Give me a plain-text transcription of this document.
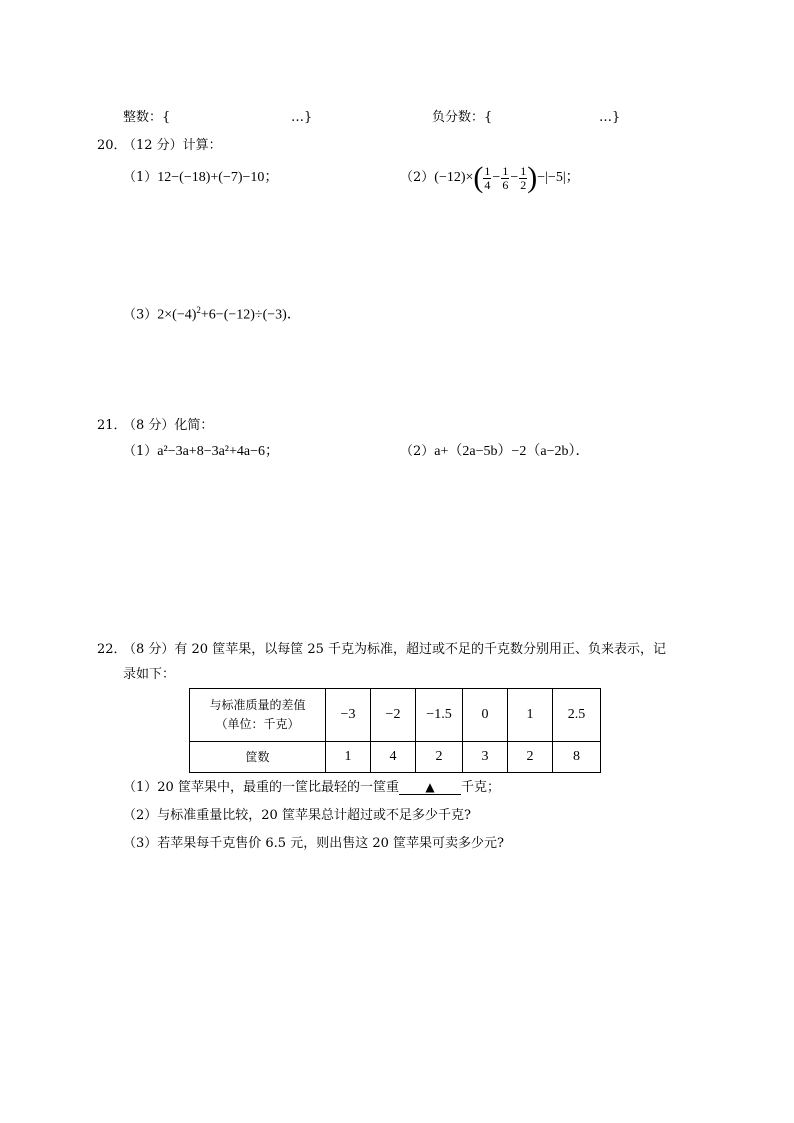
整数：{	…}	负分数：{	…}
20．
（12 分）计算：
（1）12−(−18)+(−7)−10；	（2） (−12)× ( 1
4 − 1
6 − 1
2 ) −|−5|；
$(3)2\times(-4)^2+6-(-12)\div(-3)$．
21．
（8 分）化简：
（1）a²−3a+8−3a²+4a−6；	（2）a+（2a−5b）−2（a−2b）．
22．
（8 分）有 20 筐苹果，以每筐 25 千克为标准，超过或不足的千克数分别用正、负来表示，记
录如下：
与标准质量的差值
（单位：千克）	−3	−2	−1.5	0	1	2.5
筐数	1	4	2	3	2	8
（1）20 筐苹果中，最重的一筐比最轻的一筐重 ▲ 千克；
（2）与标准重量比较，20 筐苹果总计超过或不足多少千克?
（3）若苹果每千克售价 6.5 元，则出售这 20 筐苹果可卖多少元?
